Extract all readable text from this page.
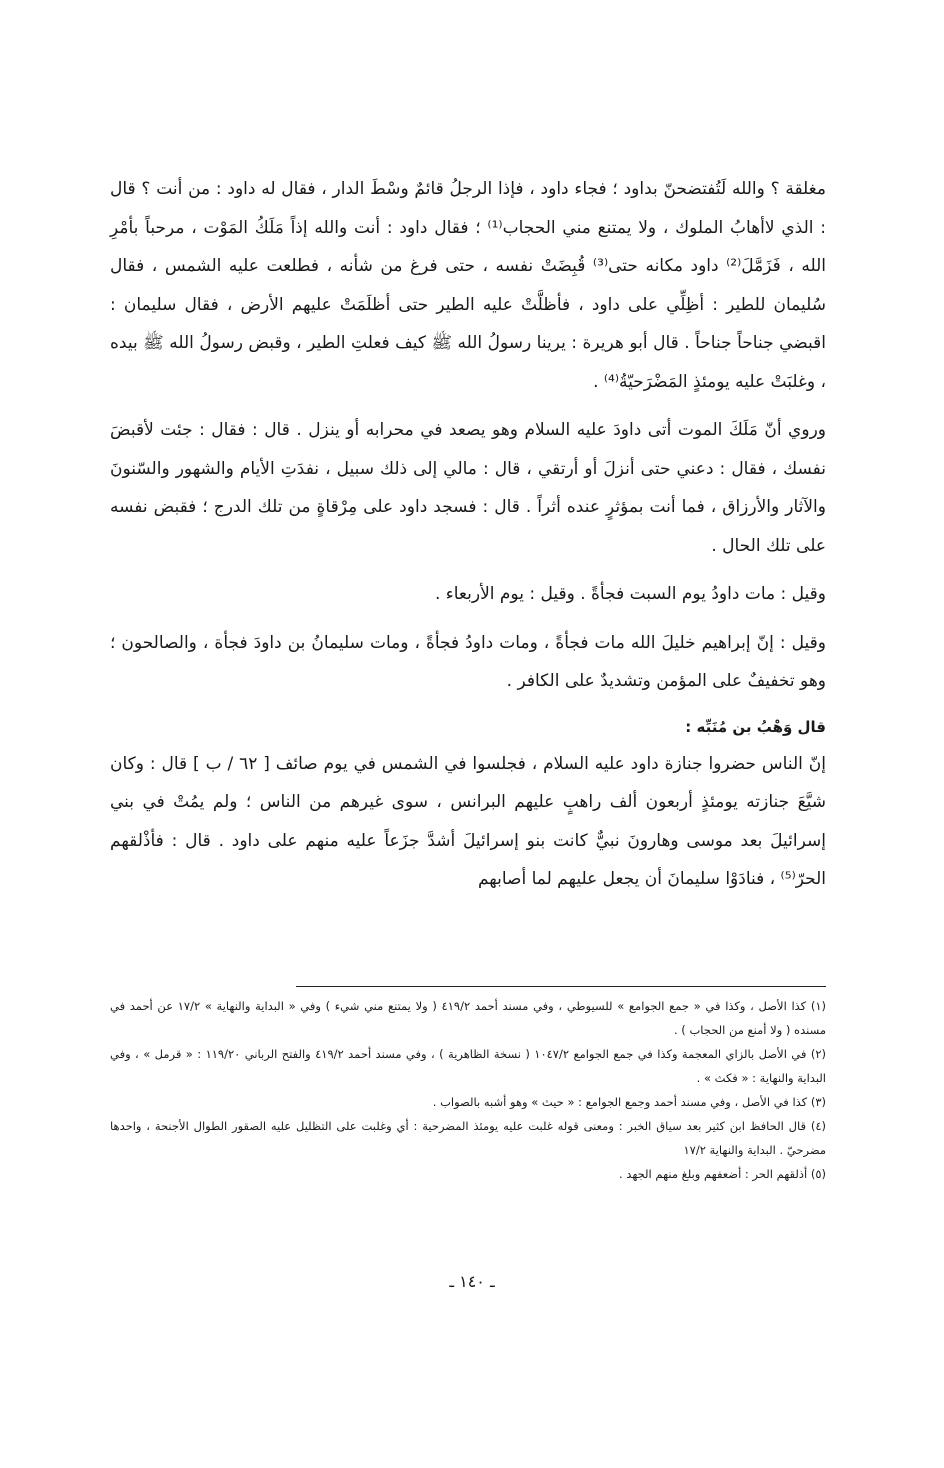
مغلقة ؟ والله لَتُفتضحنّ بداود ؛ فجاء داود ، فإذا الرجلُ قائمٌ وسْطَ الدار ، فقال له داود : من أنت ؟ قال : الذي لاأهابُ الملوك ، ولا يمتنع مني الحجاب⁽¹⁾ ؛ فقال داود : أنت والله إذاً مَلَكُ المَوْت ، مرحباً بأمْرِ الله ، فَزَمَّلَ⁽²⁾ داود مكانه حتى⁽³⁾ قُبِضَتْ نفسه ، حتى فرغ من شأنه ، فطلعت عليه الشمس ، فقال سُليمان للطير : أظِلِّي على داود ، فأظلَّتْ عليه الطير حتى أظلَمَتْ عليهم الأرض ، فقال سليمان : اقبضي جناحاً جناحاً . قال أبو هريرة : يرينا رسولُ الله ﷺ كيف فعلتِ الطير ، وقبض رسولُ الله ﷺ بيده ، وغلبَتْ عليه يومئذٍ المَضْرَحيّةُ⁽⁴⁾ .

وروي أنّ مَلَكَ الموت أتى داودَ عليه السلام وهو يصعد في محرابه أو ينزل . قال : فقال : جئت لأقبضَ نفسك ، فقال : دعني حتى أنزلَ أو أرتقي ، قال : مالي إلى ذلك سبيل ، نفدَتِ الأيام والشهور والسّنونَ والآثار والأرزاق ، فما أنت بمؤثرٍ عنده أثراً . قال : فسجد داود على مِرْقاةٍ من تلك الدرج ؛ فقبض نفسه على تلك الحال .

وقيل : مات داودُ يوم السبت فجأةً . وقيل : يوم الأربعاء .

وقيل : إنّ إبراهيم خليلَ الله مات فجأةً ، ومات داودُ فجأةً ، ومات سليمانُ بن داودَ فجأة ، والصالحون ؛ وهو تخفيفٌ على المؤمن وتشديدٌ على الكافر .

قال وَهْبُ بن مُنَبِّه :

إنّ الناس حضروا جنازة داود عليه السلام ، فجلسوا في الشمس في يوم صائف [ ٦٢ / ب ] قال : وكان شيَّعَ جنازته يومئذٍ أربعون ألف راهبٍ عليهم البرانس ، سوى غيرهم من الناس ؛ ولم يمُتْ في بني إسرائيلَ بعد موسى وهارونَ نبيٌّ كانت بنو إسرائيلَ أشدَّ جزَعاً عليه منهم على داود . قال : فأذْلقهم الحرّ⁽⁵⁾ ، فنادَوْا سليمانَ أن يجعل عليهم لما أصابهم

(١) كذا الأصل ، وكذا في « جمع الجوامع » للسيوطي ، وفي مسند أحمد ٤١٩/٢ ( ولا يمتنع مني شيء ) وفي « البداية والنهاية » ١٧/٢ عن أحمد في مسنده ( ولا أمنع من الحجاب ) .

(٢) في الأصل بالزاي المعجمة وكذا في جمع الجوامع ١٠٤٧/٢ ( نسخة الظاهرية ) ، وفي مسند أحمد ٤١٩/٢ والفتح الرباني ١١٩/٢٠ : « قرمل » ، وفي البداية والنهاية : « فكث » .

(٣) كذا في الأصل ، وفي مسند أحمد وجمع الجوامع : « حيث » وهو أشبه بالصواب .

(٤) قال الحافظ ابن كثير بعد سياق الخبر : ومعنى قوله غلبت عليه يومئذ المضرحية : أي وغلبت على التظليل عليه الصقور الطوال الأجنحة ، واحدها مضرحيّ . البداية والنهاية ١٧/٢

(٥) أذلقهم الحر : أضعفهم وبلغ منهم الجهد .

ـ ١٤٠ ـ
